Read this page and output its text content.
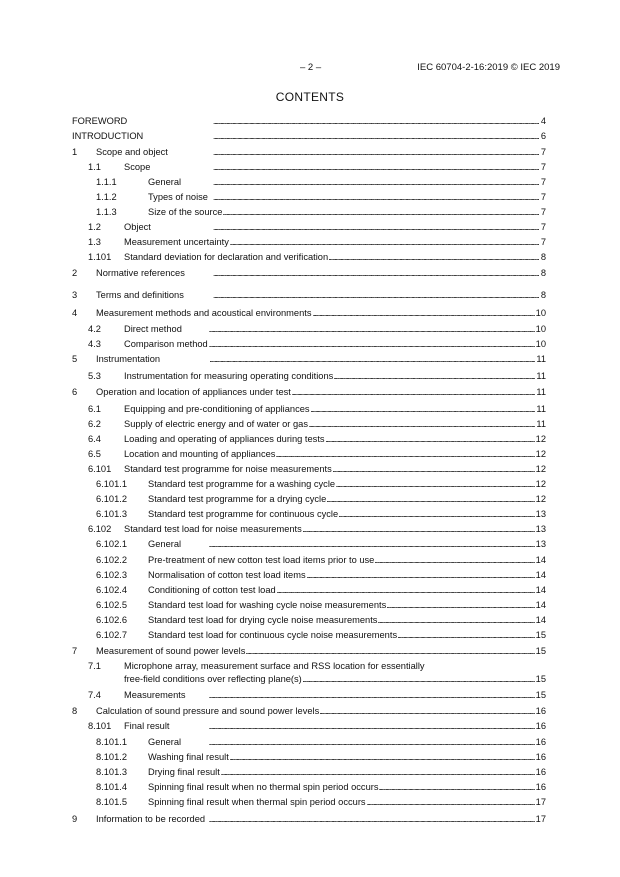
– 2 –	IEC 60704-2-16:2019 © IEC 2019
CONTENTS
FOREWORD . . .	4
INTRODUCTION . . .	6
1	Scope and object . . .	7
1.1	Scope . . .	7
1.1.1	General . . .	7
1.1.2	Types of noise . . .	7
1.1.3	Size of the source . . .	7
1.2	Object . . .	7
1.3	Measurement uncertainty . . .	7
1.101	Standard deviation for declaration and verification . . .	8
2	Normative references . . .	8
3	Terms and definitions . . .	8
4	Measurement methods and acoustical environments . . .	10
4.2	Direct method . . .	10
4.3	Comparison method . . .	10
5	Instrumentation . . .	11
5.3	Instrumentation for measuring operating conditions . . .	11
6	Operation and location of appliances under test . . .	11
6.1	Equipping and pre-conditioning of appliances . . .	11
6.2	Supply of electric energy and of water or gas . . .	11
6.4	Loading and operating of appliances during tests . . .	12
6.5	Location and mounting of appliances . . .	12
6.101	Standard test programme for noise measurements . . .	12
6.101.1	Standard test programme for a washing cycle . . .	12
6.101.2	Standard test programme for a drying cycle . . .	12
6.101.3	Standard test programme for continuous cycle . . .	13
6.102	Standard test load for noise measurements . . .	13
6.102.1	General . . .	13
6.102.2	Pre-treatment of new cotton test load items prior to use . . .	14
6.102.3	Normalisation of cotton test load items . . .	14
6.102.4	Conditioning of cotton test load . . .	14
6.102.5	Standard test load for washing cycle noise measurements . . .	14
6.102.6	Standard test load for drying cycle noise measurements . . .	14
6.102.7	Standard test load for continuous cycle noise measurements . . .	15
7	Measurement of sound power levels . . .	15
7.1	Microphone array, measurement surface and RSS location for essentially
free-field conditions over reflecting plane(s) . . .	15
7.4	Measurements . . .	15
8	Calculation of sound pressure and sound power levels . . .	16
8.101	Final result . . .	16
8.101.1	General . . .	16
8.101.2	Washing final result . . .	16
8.101.3	Drying final result . . .	16
8.101.4	Spinning final result when no thermal spin period occurs . . .	16
8.101.5	Spinning final result when thermal spin period occurs . . .	17
9	Information to be recorded . . .	17
